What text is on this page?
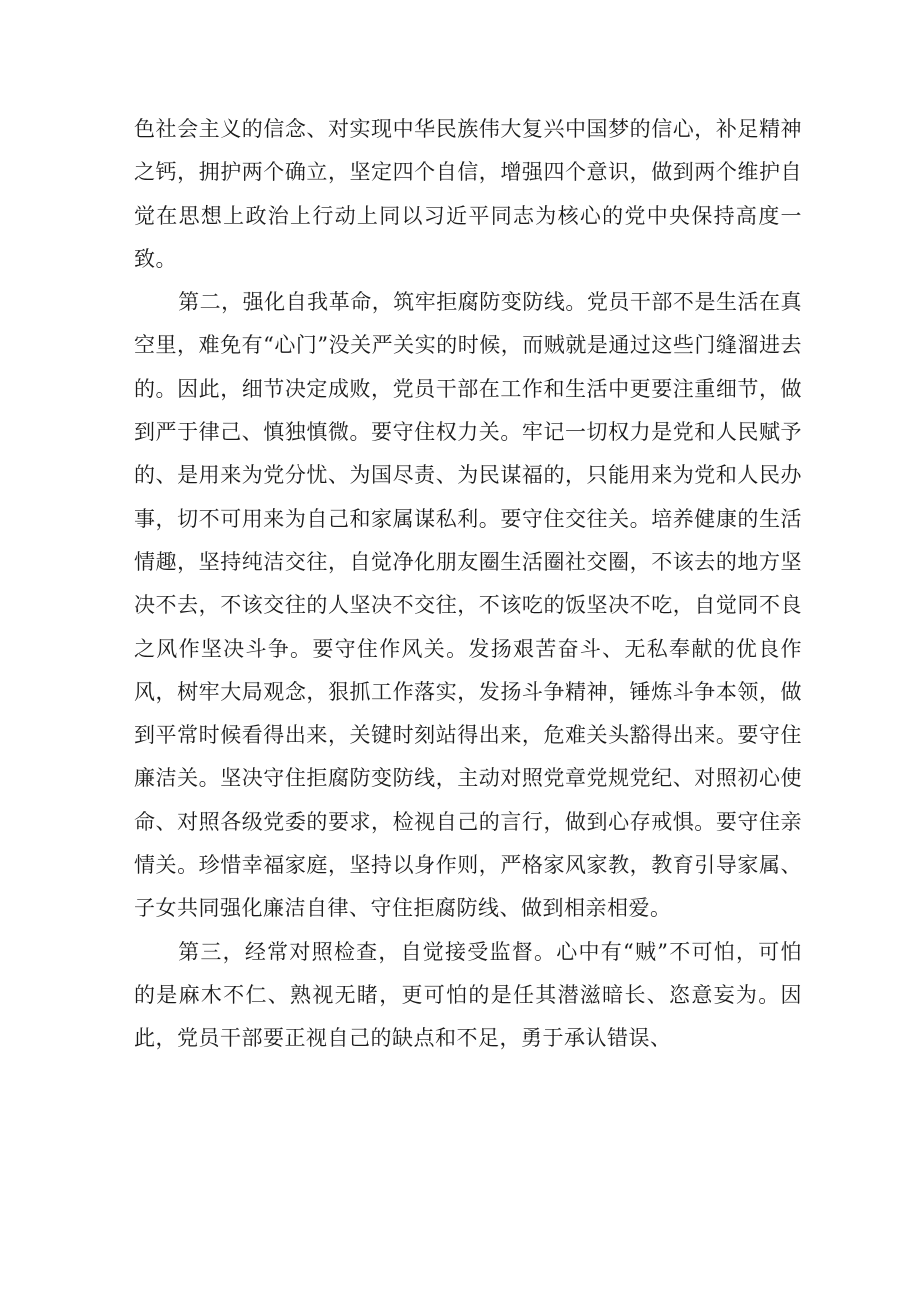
色社会主义的信念、对实现中华民族伟大复兴中国梦的信心，补足精神之钙，拥护两个确立，坚定四个自信，增强四个意识，做到两个维护自觉在思想上政治上行动上同以习近平同志为核心的党中央保持高度一致。

第二，强化自我革命，筑牢拒腐防变防线。党员干部不是生活在真空里，难免有“心门”没关严关实的时候，而贼就是通过这些门缝溜进去的。因此，细节决定成败，党员干部在工作和生活中更要注重细节，做到严于律己、慎独慎微。要守住权力关。牢记一切权力是党和人民赋予的、是用来为党分忧、为国尽责、为民谋福的，只能用来为党和人民办事，切不可用来为自己和家属谋私利。要守住交往关。培养健康的生活情趣，坚持纯洁交往，自觉净化朋友圈生活圈社交圈，不该去的地方坚决不去，不该交往的人坚决不交往，不该吃的饭坚决不吃，自觉同不良之风作坚决斗争。要守住作风关。发扬艰苦奋斗、无私奉献的优良作风，树牢大局观念，狠抓工作落实，发扬斗争精神，锤炼斗争本领，做到平常时候看得出来，关键时刻站得出来，危难关头豁得出来。要守住廉洁关。坚决守住拒腐防变防线，主动对照党章党规党纪、对照初心使命、对照各级党委的要求，检视自己的言行，做到心存戒惧。要守住亲情关。珍惜幸福家庭，坚持以身作则，严格家风家教，教育引导家属、子女共同强化廉洁自律、守住拒腐防线、做到相亲相爱。

第三，经常对照检查，自觉接受监督。心中有“贼”不可怕，可怕的是麻木不仁、熟视无睹，更可怕的是任其潜滋暗长、恣意妄为。因此，党员干部要正视自己的缺点和不足，勇于承认错误、
